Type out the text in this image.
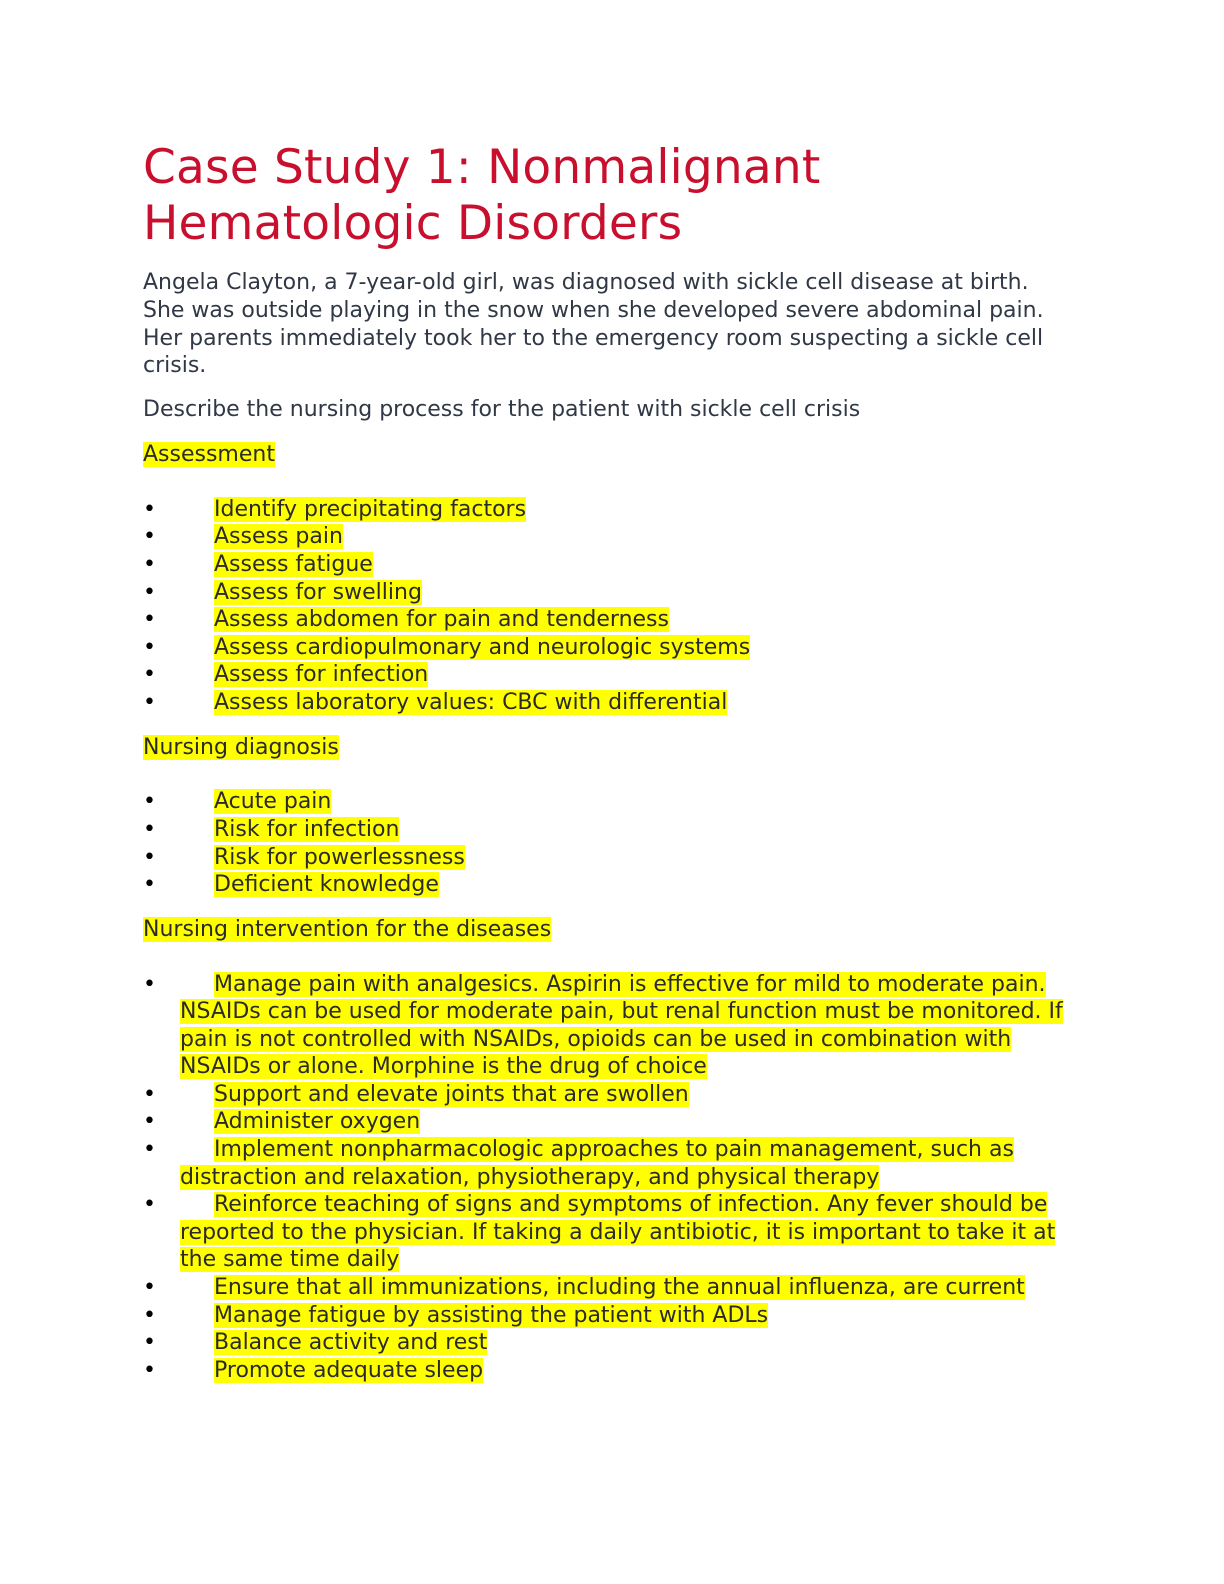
Case Study 1: Nonmalignant Hematologic Disorders

Angela Clayton, a 7-year-old girl, was diagnosed with sickle cell disease at birth. She was outside playing in the snow when she developed severe abdominal pain. Her parents immediately took her to the emergency room suspecting a sickle cell crisis.

Describe the nursing process for the patient with sickle cell crisis

Assessment
•	Identify precipitating factors
•	Assess pain
•	Assess fatigue
•	Assess for swelling
•	Assess abdomen for pain and tenderness
•	Assess cardiopulmonary and neurologic systems
•	Assess for infection
•	Assess laboratory values: CBC with differential
Nursing diagnosis
•	Acute pain
•	Risk for infection
•	Risk for powerlessness
•	Deficient knowledge
Nursing intervention for the diseases
•	Manage pain with analgesics. Aspirin is effective for mild to moderate pain. NSAIDs can be used for moderate pain, but renal function must be monitored. If pain is not controlled with NSAIDs, opioids can be used in combination with NSAIDs or alone. Morphine is the drug of choice
•	Support and elevate joints that are swollen
•	Administer oxygen
•	Implement nonpharmacologic approaches to pain management, such as distraction and relaxation, physiotherapy, and physical therapy
•	Reinforce teaching of signs and symptoms of infection. Any fever should be reported to the physician. If taking a daily antibiotic, it is important to take it at the same time daily
•	Ensure that all immunizations, including the annual influenza, are current
•	Manage fatigue by assisting the patient with ADLs
•	Balance activity and rest
•	Promote adequate sleep
